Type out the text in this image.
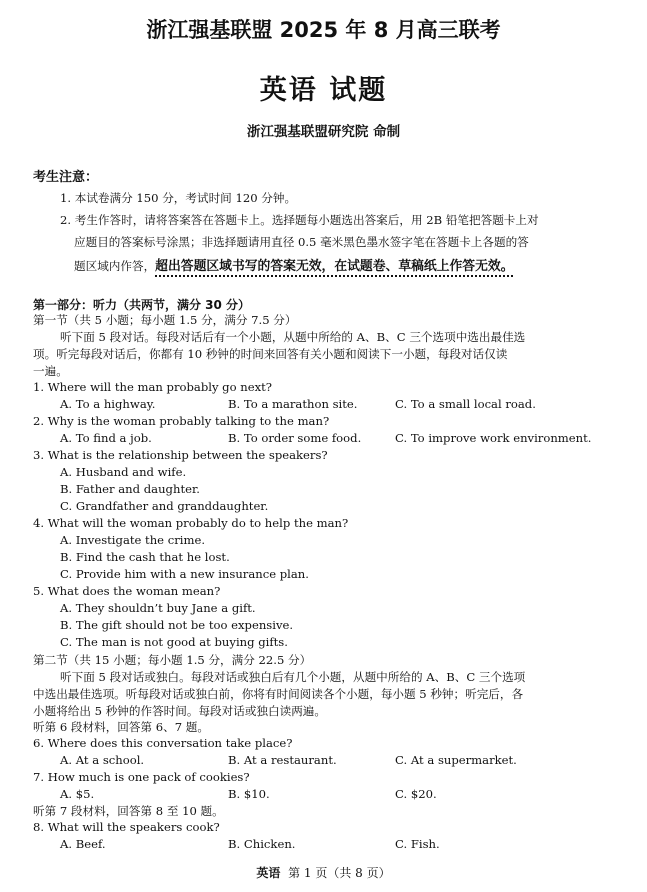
浙江强基联盟 2025 年 8 月高三联考
英语 试题
浙江强基联盟研究院 命制
考生注意：
1. 本试卷满分 150 分，考试时间 120 分钟。
2. 考生作答时，请将答案答在答题卡上。选择题每小题选出答案后，用 2B 铅笔把答题卡上对
应题目的答案标号涂黑；非选择题请用直径 0.5 毫米黑色墨水签字笔在答题卡上各题的答
题区域内作答，超出答题区域书写的答案无效，在试题卷、草稿纸上作答无效。
第一部分：听力（共两节，满分 30 分）
第一节（共 5 小题；每小题 1.5 分，满分 7.5 分）
听下面 5 段对话。每段对话后有一个小题，从题中所给的 A、B、C 三个选项中选出最佳选
项。听完每段对话后，你都有 10 秒钟的时间来回答有关小题和阅读下一小题，每段对话仅读
一遍。
1. Where will the man probably go next?
A. To a highway.	B. To a marathon site.	C. To a small local road.
2. Why is the woman probably talking to the man?
A. To find a job.	B. To order some food.	C. To improve work environment.
3. What is the relationship between the speakers?
A. Husband and wife.
B. Father and daughter.
C. Grandfather and granddaughter.
4. What will the woman probably do to help the man?
A. Investigate the crime.
B. Find the cash that he lost.
C. Provide him with a new insurance plan.
5. What does the woman mean?
A. They shouldn’t buy Jane a gift.
B. The gift should not be too expensive.
C. The man is not good at buying gifts.
第二节（共 15 小题；每小题 1.5 分，满分 22.5 分）
听下面 5 段对话或独白。每段对话或独白后有几个小题，从题中所给的 A、B、C 三个选项
中选出最佳选项。听每段对话或独白前，你将有时间阅读各个小题，每小题 5 秒钟；听完后，各
小题将给出 5 秒钟的作答时间。每段对话或独白读两遍。
听第 6 段材料，回答第 6、7 题。
6. Where does this conversation take place?
A. At a school.	B. At a restaurant.	C. At a supermarket.
7. How much is one pack of cookies?
A. $5.	B. $10.	C. $20.
听第 7 段材料，回答第 8 至 10 题。
8. What will the speakers cook?
A. Beef.	B. Chicken.	C. Fish.
英语 第 1 页（共 8 页）
